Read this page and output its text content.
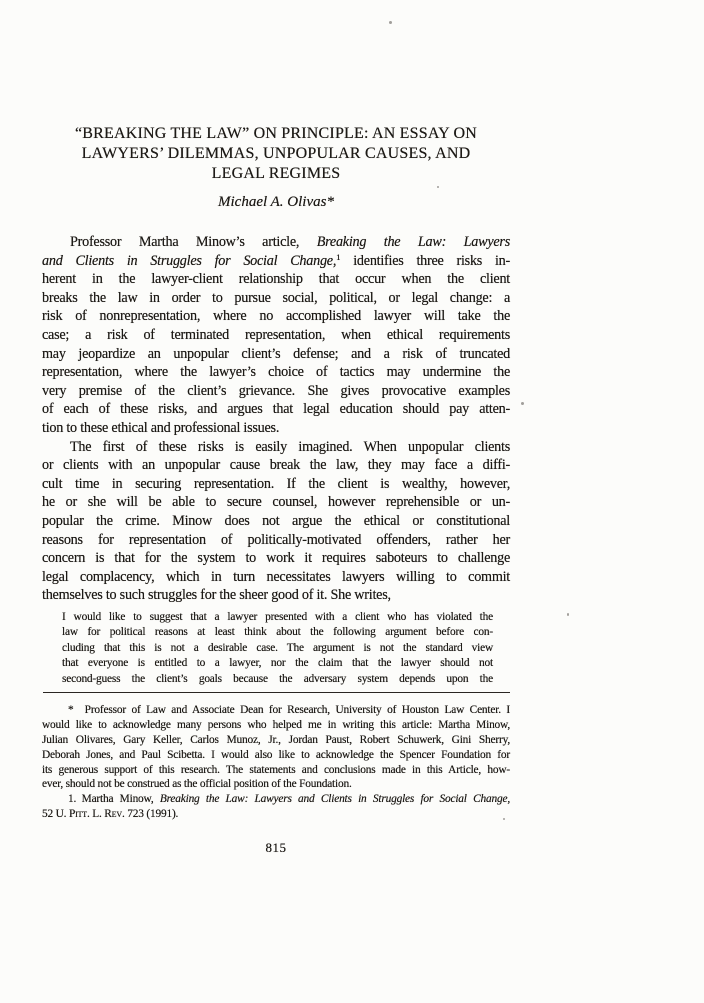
“BREAKING THE LAW” ON PRINCIPLE: AN ESSAY ON
LAWYERS’ DILEMMAS, UNPOPULAR CAUSES, AND
LEGAL REGIMES
Michael A. Olivas*
Professor Martha Minow’s article, Breaking the Law: Lawyers
and Clients in Struggles for Social Change,$^1$ identifies three risks in-
herent in the lawyer-client relationship that occur when the client
breaks the law in order to pursue social, political, or legal change: a
risk of nonrepresentation, where no accomplished lawyer will take the
case; a risk of terminated representation, when ethical requirements
may jeopardize an unpopular client’s defense; and a risk of truncated
representation, where the lawyer’s choice of tactics may undermine the
very premise of the client’s grievance. She gives provocative examples
of each of these risks, and argues that legal education should pay atten-
tion to these ethical and professional issues.
The first of these risks is easily imagined. When unpopular clients
or clients with an unpopular cause break the law, they may face a diffi-
cult time in securing representation. If the client is wealthy, however,
he or she will be able to secure counsel, however reprehensible or un-
popular the crime. Minow does not argue the ethical or constitutional
reasons for representation of politically-motivated offenders, rather her
concern is that for the system to work it requires saboteurs to challenge
legal complacency, which in turn necessitates lawyers willing to commit
themselves to such struggles for the sheer good of it. She writes,
I would like to suggest that a lawyer presented with a client who has violated the
law for political reasons at least think about the following argument before con-
cluding that this is not a desirable case. The argument is not the standard view
that everyone is entitled to a lawyer, nor the claim that the lawyer should not
second-guess the client’s goals because the adversary system depends upon the
* Professor of Law and Associate Dean for Research, University of Houston Law Center. I
would like to acknowledge many persons who helped me in writing this article: Martha Minow,
Julian Olivares, Gary Keller, Carlos Munoz, Jr., Jordan Paust, Robert Schuwerk, Gini Sherry,
Deborah Jones, and Paul Scibetta. I would also like to acknowledge the Spencer Foundation for
its generous support of this research. The statements and conclusions made in this Article, how-
ever, should not be construed as the official position of the Foundation.
1. Martha Minow, Breaking the Law: Lawyers and Clients in Struggles for Social Change,
52 U. Pitt. L. Rev. 723 (1991).
815
